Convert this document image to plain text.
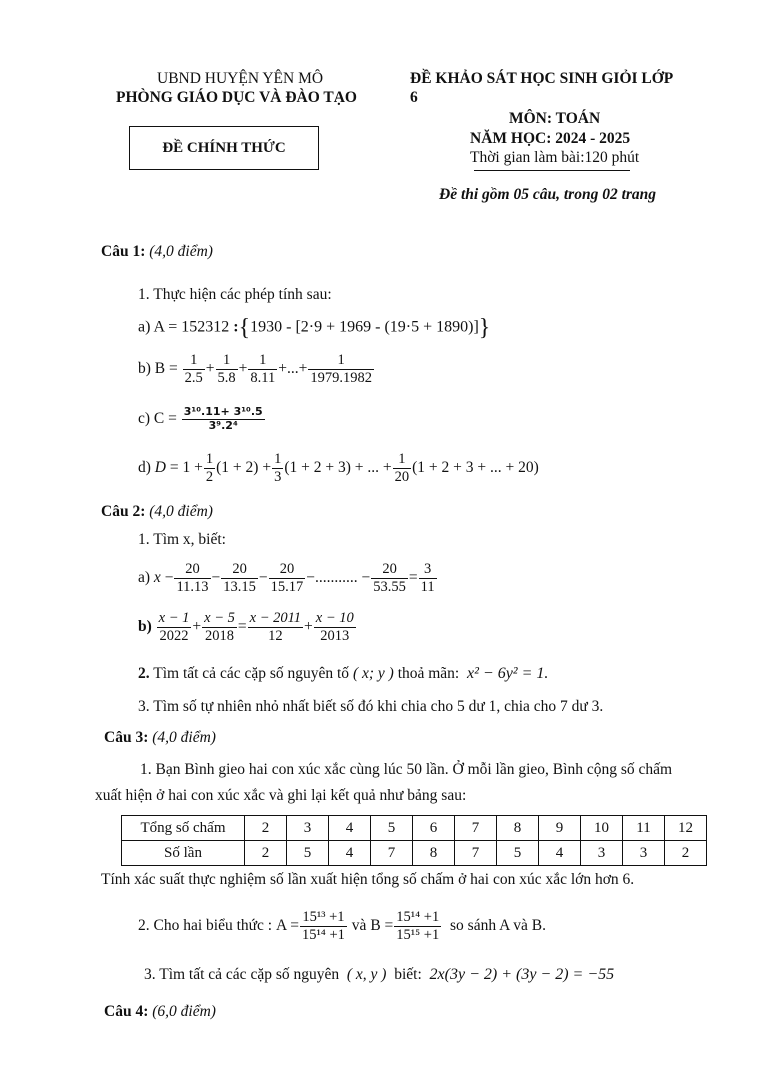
UBND HUYỆN YÊN MÔ
PHÒNG GIÁO DỤC VÀ ĐÀO TẠO
ĐỀ CHÍNH THỨC
ĐỀ KHẢO SÁT HỌC SINH GIỎI LỚP
6
MÔN: TOÁN
NĂM HỌC: 2024 - 2025
Thời gian làm bài:120 phút
Đề thi gồm 05 câu, trong 02 trang
Câu 1: (4,0 điểm)
1. Thực hiện các phép tính sau:
a) A = 152312 :{1930 - [2·9 + 1969 - (19·5 + 1890)]}
b) B =
$\frac{1}{2.5} + \frac{1}{5.8} + \frac{1}{8.11}$ +...+ $\frac{1}{1979.1982}$
c) C =
$\frac{\text{3¹⁰.11+ 3¹⁰.5}}{\text{3⁹.2⁴}}$
d)
$D = 1 + \frac{1}{2} (1 + 2) + \frac{1}{3} (1 + 2 + 3)$ + ... + $\frac{1}{20} (1 + 2 + 3$ + ... + 20)
Câu 2: (4,0 điểm)
1. Tìm x, biết:
a)
$x - \frac{20}{11.13} - \frac{20}{13.15} - \frac{20}{15.17}$ − ........... − $\frac{20}{53.55} = \frac{3}{11}$
b)
$\frac{x - 1}{2022} + \frac{x - 5}{2018} = \frac{x - 2011}{12} + \frac{x - 10}{2013}$
2. Tìm tất cả các cặp số nguyên tố ( x; y ) thoả mãn: x² − 6y² = 1.
3. Tìm số tự nhiên nhỏ nhất biết số đó khi chia cho 5 dư 1, chia cho 7 dư 3.
Câu 3: (4,0 điểm)
1. Bạn Bình gieo hai con xúc xắc cùng lúc 50 lần. Ở mỗi lần gieo, Bình cộng số chấm
xuất hiện ở hai con xúc xắc và ghi lại kết quả như bảng sau:
Tổng số chấm	2	3	4	5	6	7	8	9	10	11	12
Số lần	2	5	4	7	8	7	5	4	3	3	2
Tính xác suất thực nghiệm số lần xuất hiện tổng số chấm ở hai con xúc xắc lớn hơn 6.
2. Cho hai biểu thức :
$A = \frac{\text{15¹³ +1}}{\text{15¹⁴ +1}}$
và
$B = \frac{\text{15¹⁴ +1}}{\text{15¹⁵ +1}}$
so sánh A và B.
3. Tìm tất cả các cặp số nguyên ( x, y ) biết: 2x(3y − 2) + (3y − 2) = −55
Câu 4: (6,0 điểm)
